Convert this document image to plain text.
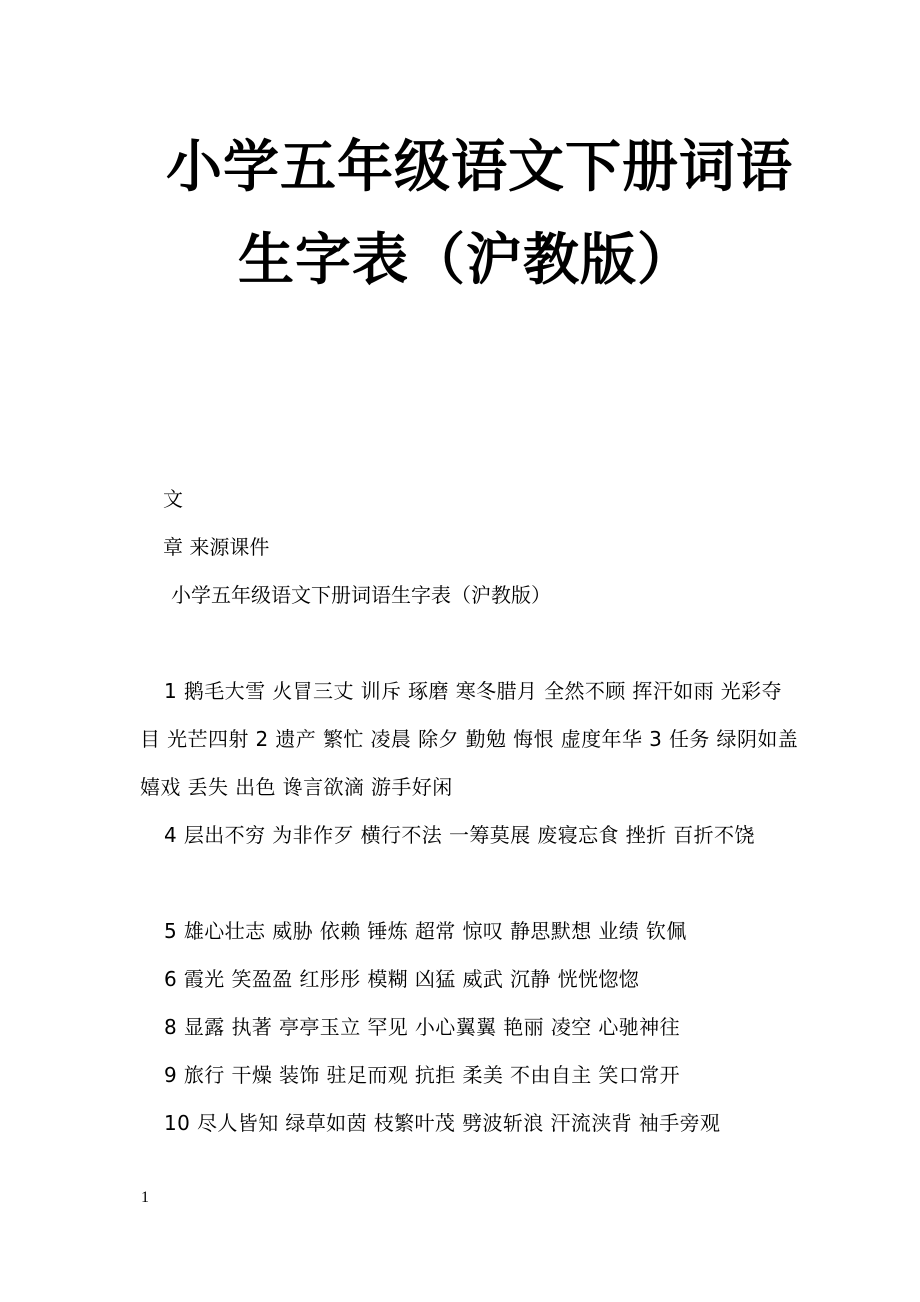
小学五年级语文下册词语
生字表（沪教版）
文
章 来源课件
小学五年级语文下册词语生字表（沪教版）
1 鹅毛大雪 火冒三丈 训斥 琢磨 寒冬腊月 全然不顾 挥汗如雨 光彩夺目 光芒四射 2 遗产 繁忙 凌晨 除夕 勤勉 悔恨 虚度年华 3 任务 绿阴如盖 嬉戏 丢失 出色 谗言欲滴 游手好闲
4 层出不穷 为非作歹 横行不法 一筹莫展 废寝忘食 挫折 百折不饶
5 雄心壮志 威胁 依赖 锤炼 超常 惊叹 静思默想 业绩 钦佩
6 霞光 笑盈盈 红彤彤 模糊 凶猛 威武 沉静 恍恍惚惚
8 显露 执著 亭亭玉立 罕见 小心翼翼 艳丽 凌空 心驰神往
9 旅行 干燥 装饰 驻足而观 抗拒 柔美 不由自主 笑口常开
10 尽人皆知 绿草如茵 枝繁叶茂 劈波斩浪 汗流浃背 袖手旁观
1
